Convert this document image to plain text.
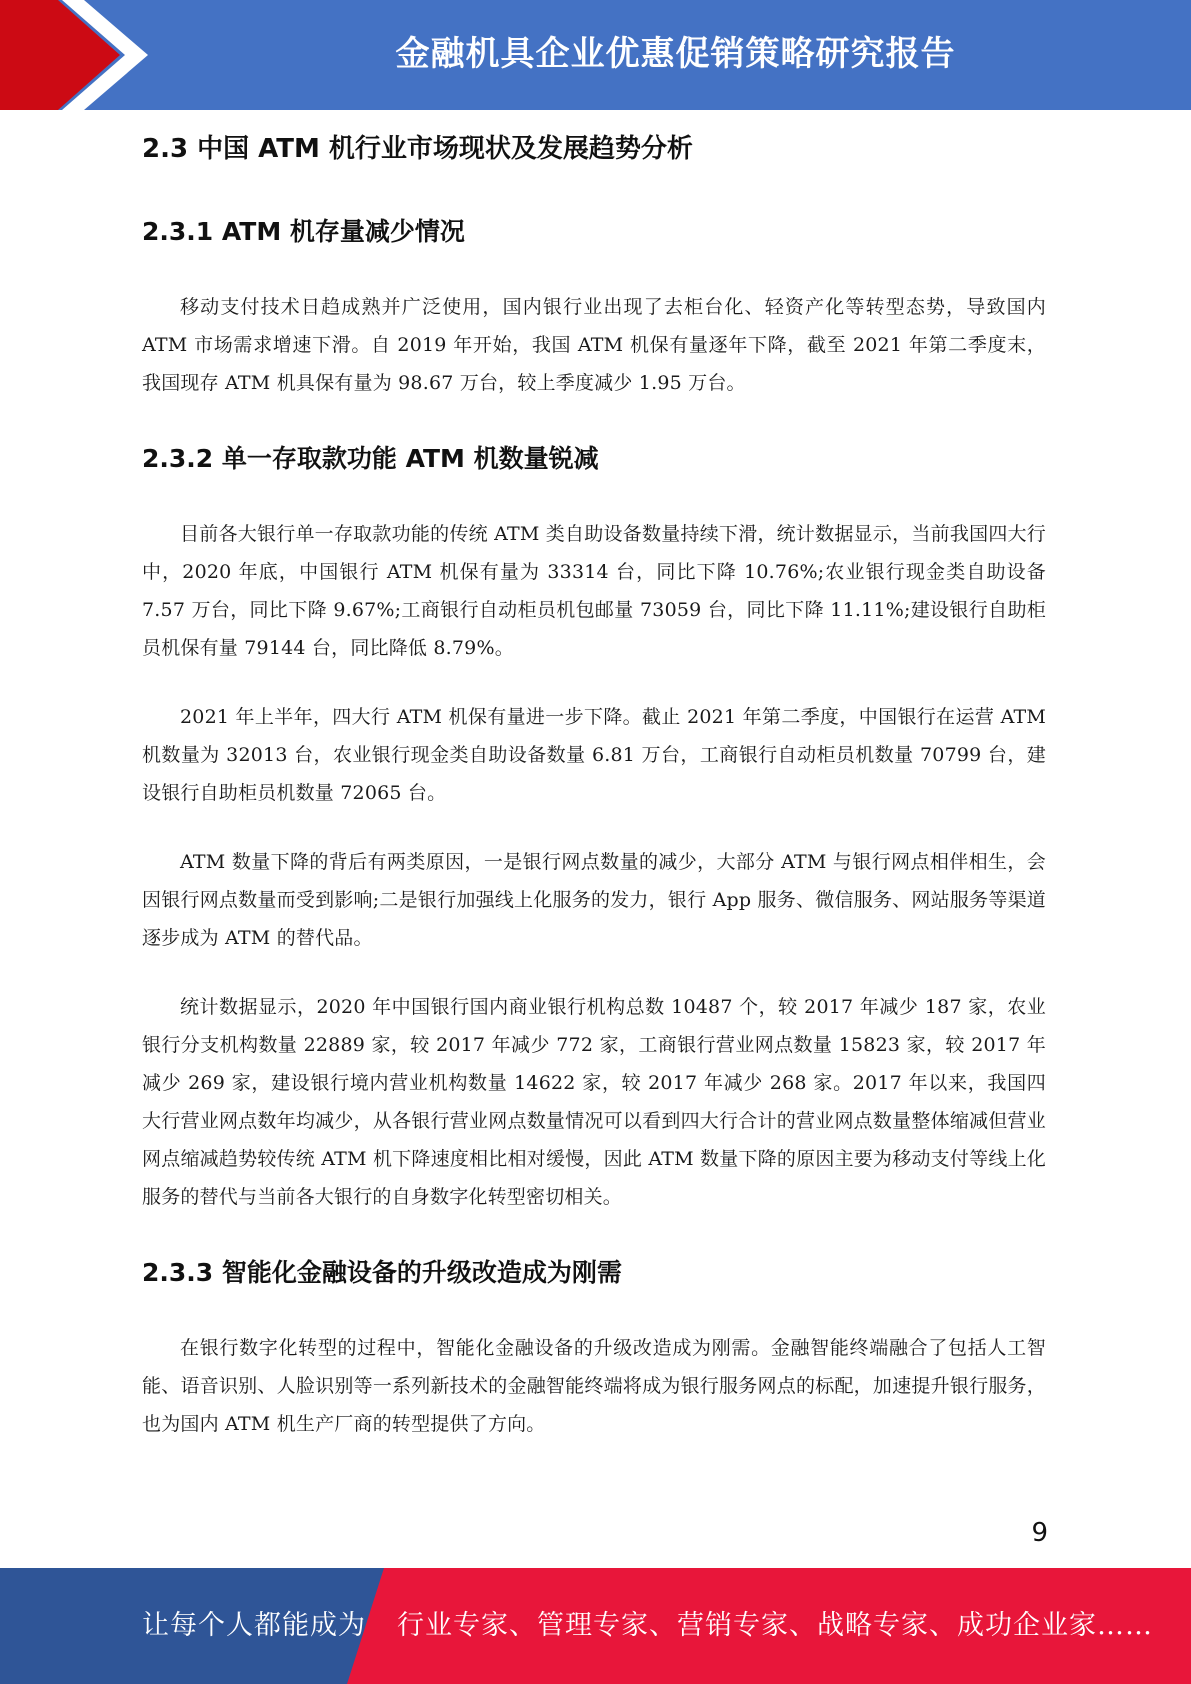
金融机具企业优惠促销策略研究报告
2.3 中国 ATM 机行业市场现状及发展趋势分析
2.3.1 ATM 机存量减少情况

移动支付技术日趋成熟并广泛使用，国内银行业出现了去柜台化、轻资产化等转型态势，导致国内 ATM 市场需求增速下滑。自 2019 年开始，我国 ATM 机保有量逐年下降，截至 2021 年第二季度末，我国现存 ATM 机具保有量为 98.67 万台，较上季度减少 1.95 万台。

2.3.2 单一存取款功能 ATM 机数量锐减

目前各大银行单一存取款功能的传统 ATM 类自助设备数量持续下滑，统计数据显示，当前我国四大行中，2020 年底，中国银行 ATM 机保有量为 33314 台，同比下降 10.76%;农业银行现金类自助设备 7.57 万台，同比下降 9.67%;工商银行自动柜员机包邮量 73059 台，同比下降 11.11%;建设银行自助柜员机保有量 79144 台，同比降低 8.79%。

2021 年上半年，四大行 ATM 机保有量进一步下降。截止 2021 年第二季度，中国银行在运营 ATM 机数量为 32013 台，农业银行现金类自助设备数量 6.81 万台，工商银行自动柜员机数量 70799 台，建设银行自助柜员机数量 72065 台。

ATM 数量下降的背后有两类原因，一是银行网点数量的减少，大部分 ATM 与银行网点相伴相生，会因银行网点数量而受到影响;二是银行加强线上化服务的发力，银行 App 服务、微信服务、网站服务等渠道逐步成为 ATM 的替代品。

统计数据显示，2020 年中国银行国内商业银行机构总数 10487 个，较 2017 年减少 187 家，农业银行分支机构数量 22889 家，较 2017 年减少 772 家，工商银行营业网点数量 15823 家，较 2017 年减少 269 家，建设银行境内营业机构数量 14622 家，较 2017 年减少 268 家。2017 年以来，我国四大行营业网点数年均减少，从各银行营业网点数量情况可以看到四大行合计的营业网点数量整体缩减但营业网点缩减趋势较传统 ATM 机下降速度相比相对缓慢，因此 ATM 数量下降的原因主要为移动支付等线上化服务的替代与当前各大银行的自身数字化转型密切相关。

2.3.3 智能化金融设备的升级改造成为刚需

在银行数字化转型的过程中，智能化金融设备的升级改造成为刚需。金融智能终端融合了包括人工智能、语音识别、人脸识别等一系列新技术的金融智能终端将成为银行服务网点的标配，加速提升银行服务，也为国内 ATM 机生产厂商的转型提供了方向。

9
让每个人都能成为 行业专家、管理专家、营销专家、战略专家、成功企业家……
